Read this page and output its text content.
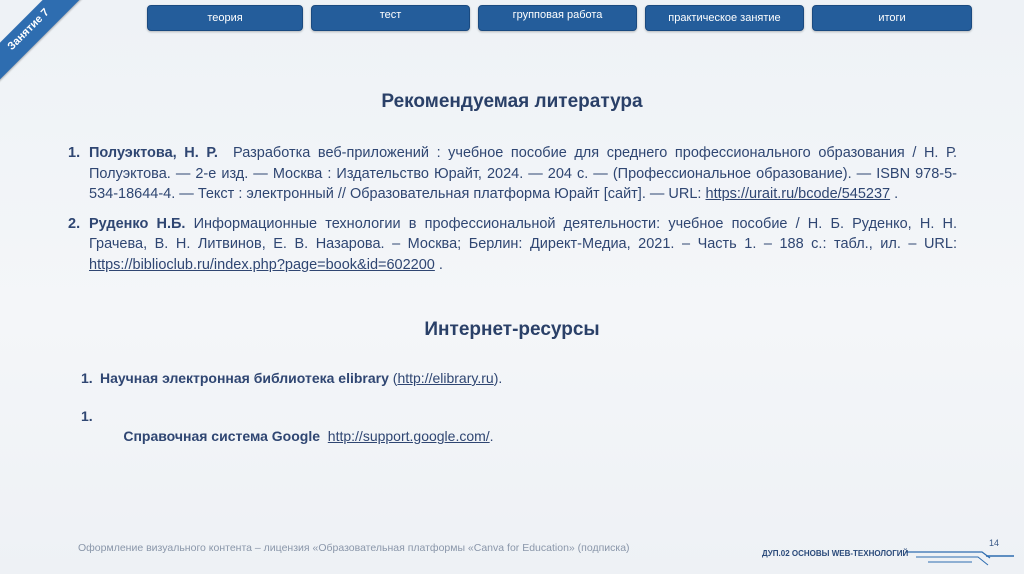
Занятие 7	теория	тест	групповая работа	практическое занятие	итоги
Рекомендуемая литература
1. Полуэктова, Н. Р. Разработка веб-приложений : учебное пособие для среднего профессионального образования / Н. Р. Полуэктова. — 2-е изд. — Москва : Издательство Юрайт, 2024. — 204 с. — (Профессиональное образование). — ISBN 978-5-534-18644-4. — Текст : электронный // Образовательная платформа Юрайт [сайт]. — URL: https://urait.ru/bcode/545237 .
2. Руденко Н.Б. Информационные технологии в профессиональной деятельности: учебное пособие / Н. Б. Руденко, Н. Н. Грачева, В. Н. Литвинов, Е. В. Назарова. – Москва; Берлин: Директ-Медиа, 2021. – Часть 1. – 188 с.: табл., ил. – URL: https://biblioclub.ru/index.php?page=book&id=602200 .
Интернет-ресурсы
1. Научная электронная библиотека elibrary (http://elibrary.ru).
1.

Справочная система Google http://support.google.com/.

Оформление визуального контента – лицензия «Образовательная платформы «Canva for Education» (подписка)	14
ДУП.02 ОСНОВЫ WEB-ТЕХНОЛОГИЙ
